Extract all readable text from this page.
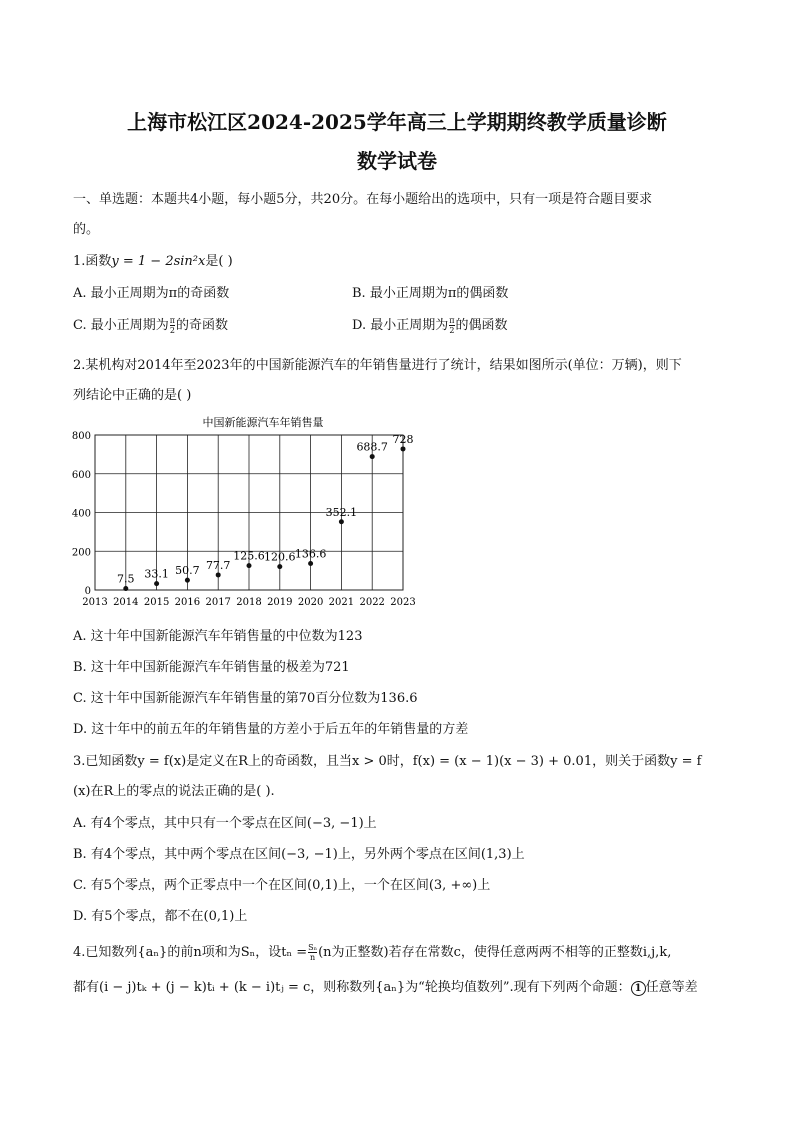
上海市松江区2024-2025学年高三上学期期终教学质量诊断
数学试卷
一、单选题：本题共4小题，每小题5分，共20分。在每小题给出的选项中，只有一项是符合题目要求
的。
1.函数y = 1 − 2sin²x是( )
A. 最小正周期为π的奇函数	B. 最小正周期为π的偶函数
C. 最小正周期为 $\frac{\pi}{2}$ 的奇函数	D. 最小正周期为 $\frac{\pi}{2}$ 的偶函数
2.某机构对2014年至2023年的中国新能源汽车的年销售量进行了统计，结果如图所示(单位：万辆)，则下
列结论中正确的是( )
中国新能源汽车年销售量
0
200
400
600
800
2013 2014 2015 2016 2017 2018 2019 2020 2021 2022 2023
7.5 33.1 50.7 77.7
125.6 120.6 136.6
352.1
688.7
728
A. 这十年中国新能源汽车年销售量的中位数为123
B. 这十年中国新能源汽车年销售量的极差为721
C. 这十年中国新能源汽车年销售量的第70百分位数为136.6
D. 这十年中的前五年的年销售量的方差小于后五年的年销售量的方差
3.已知函数y = f(x)是定义在R上的奇函数，且当x > 0时，f(x) = (x − 1)(x − 3) + 0.01，则关于函数y = f
(x)在R上的零点的说法正确的是( ).
A. 有4个零点，其中只有一个零点在区间(−3, −1)上
B. 有4个零点，其中两个零点在区间(−3, −1)上，另外两个零点在区间(1,3)上
C. 有5个零点，两个正零点中一个在区间(0,1)上，一个在区间(3, +∞)上
D. 有5个零点，都不在(0,1)上
4.已知数列{aₙ}的前n项和为Sₙ，设$t_n = \frac{\text{Sₙ}}{n} (n$为正整数)若存在常数c，使得任意两两不相等的正整数i,j,k,
都有(i − j)tₖ + (j − k)tᵢ + (k − i)tⱼ = c，则称数列{aₙ}为“轮换均值数列”.现有下列两个命题： 1 任意等差
